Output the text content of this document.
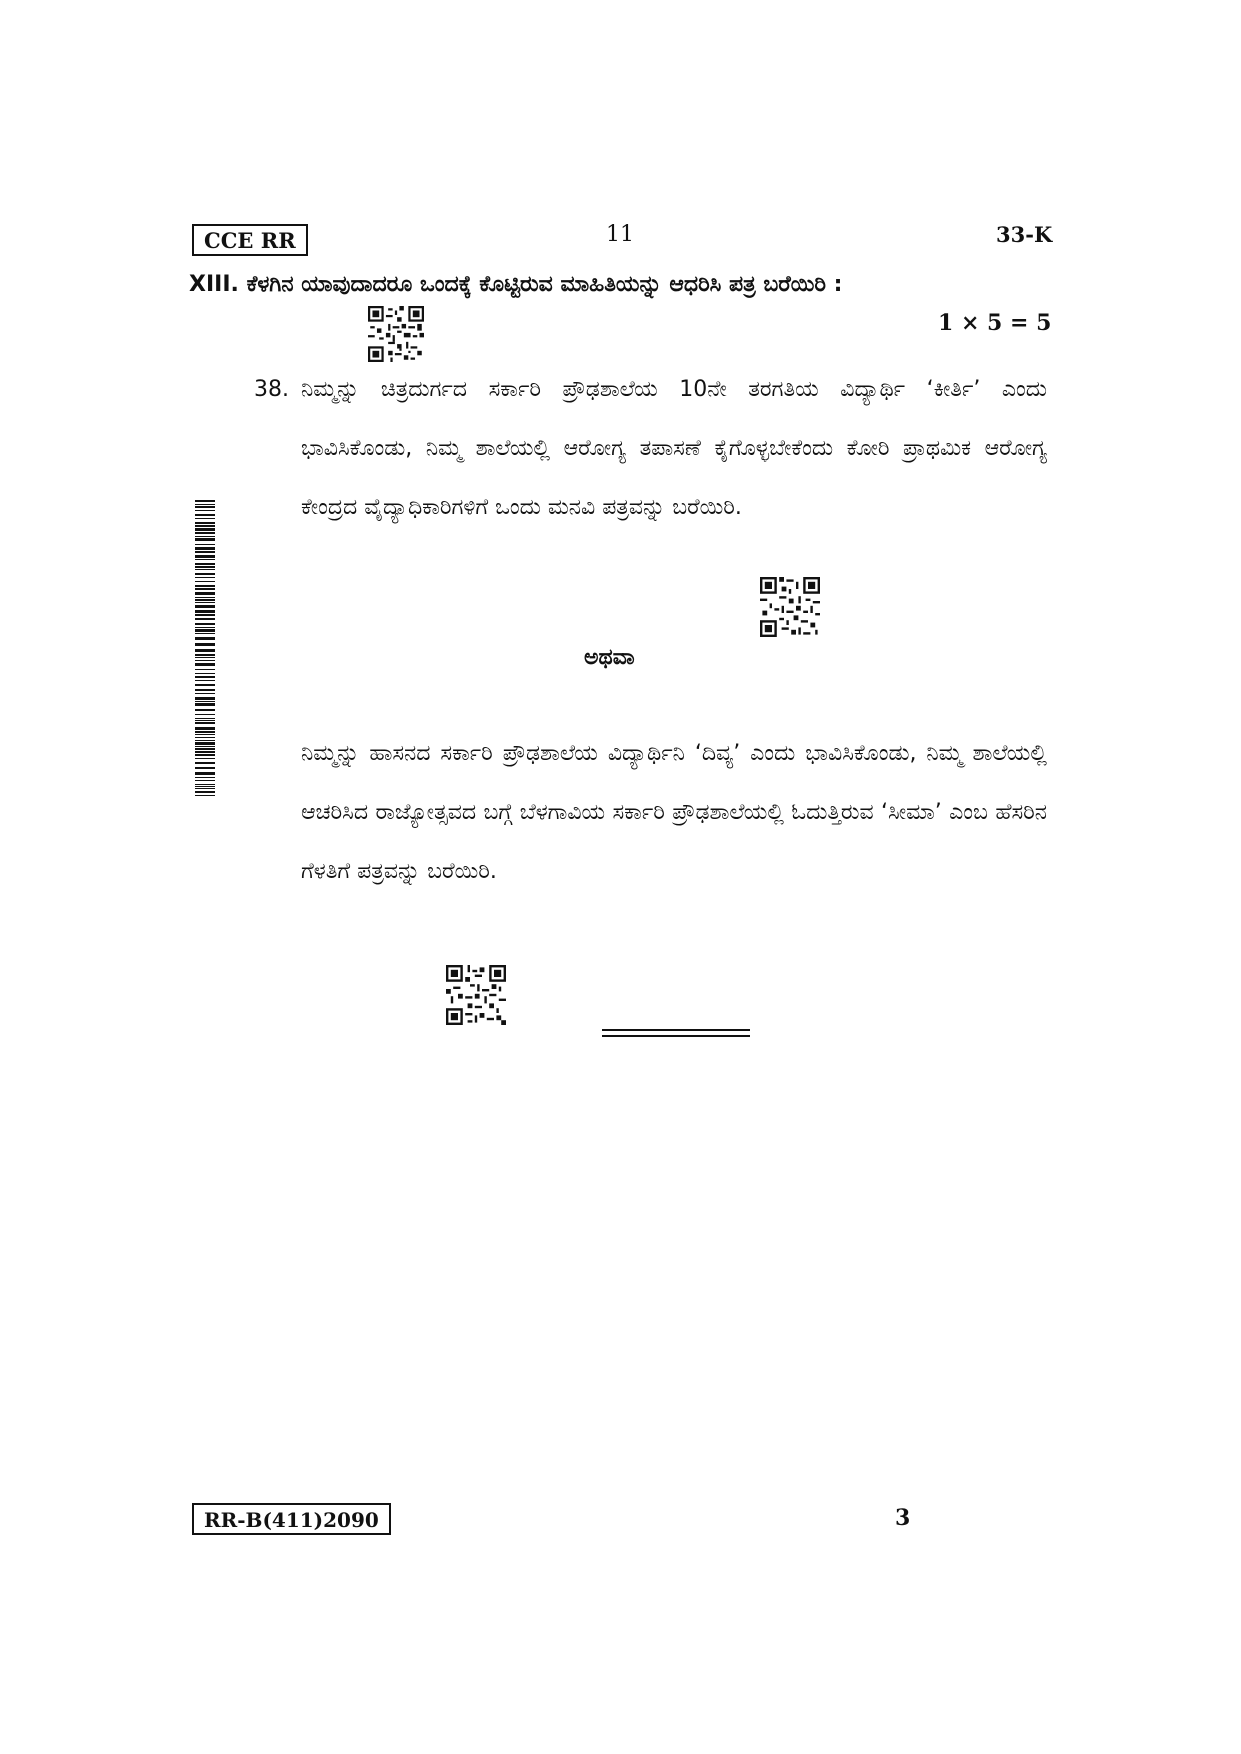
CCE RR	11	33-K
XIII. ಕೆಳಗಿನ ಯಾವುದಾದರೂ ಒಂದಕ್ಕೆ ಕೊಟ್ಟಿರುವ ಮಾಹಿತಿಯನ್ನು ಆಧರಿಸಿ ಪತ್ರ ಬರೆಯಿರಿ :
1 × 5 = 5
38. ನಿಮ್ಮನ್ನು ಚಿತ್ರದುರ್ಗದ ಸರ್ಕಾರಿ ಪ್ರೌಢಶಾಲೆಯ 10ನೇ ತರಗತಿಯ ವಿದ್ಯಾರ್ಥಿ ‘ಕೀರ್ತಿ’ ಎಂದು ಭಾವಿಸಿಕೊಂಡು, ನಿಮ್ಮ ಶಾಲೆಯಲ್ಲಿ ಆರೋಗ್ಯ ತಪಾಸಣೆ ಕೈಗೊಳ್ಳಬೇಕೆಂದು ಕೋರಿ ಪ್ರಾಥಮಿಕ ಆರೋಗ್ಯ ಕೇಂದ್ರದ ವೈದ್ಯಾಧಿಕಾರಿಗಳಿಗೆ ಒಂದು ಮನವಿ ಪತ್ರವನ್ನು ಬರೆಯಿರಿ.
ಅಥವಾ
ನಿಮ್ಮನ್ನು ಹಾಸನದ ಸರ್ಕಾರಿ ಪ್ರೌಢಶಾಲೆಯ ವಿದ್ಯಾರ್ಥಿನಿ ‘ದಿವ್ಯ’ ಎಂದು ಭಾವಿಸಿಕೊಂಡು, ನಿಮ್ಮ ಶಾಲೆಯಲ್ಲಿ ಆಚರಿಸಿದ ರಾಜ್ಯೋತ್ಸವದ ಬಗ್ಗೆ ಬೆಳಗಾವಿಯ ಸರ್ಕಾರಿ ಪ್ರೌಢಶಾಲೆಯಲ್ಲಿ ಓದುತ್ತಿರುವ ‘ಸೀಮಾ’ ಎಂಬ ಹೆಸರಿನ ಗೆಳತಿಗೆ ಪತ್ರವನ್ನು ಬರೆಯಿರಿ.
RR-B(411)2090	3
